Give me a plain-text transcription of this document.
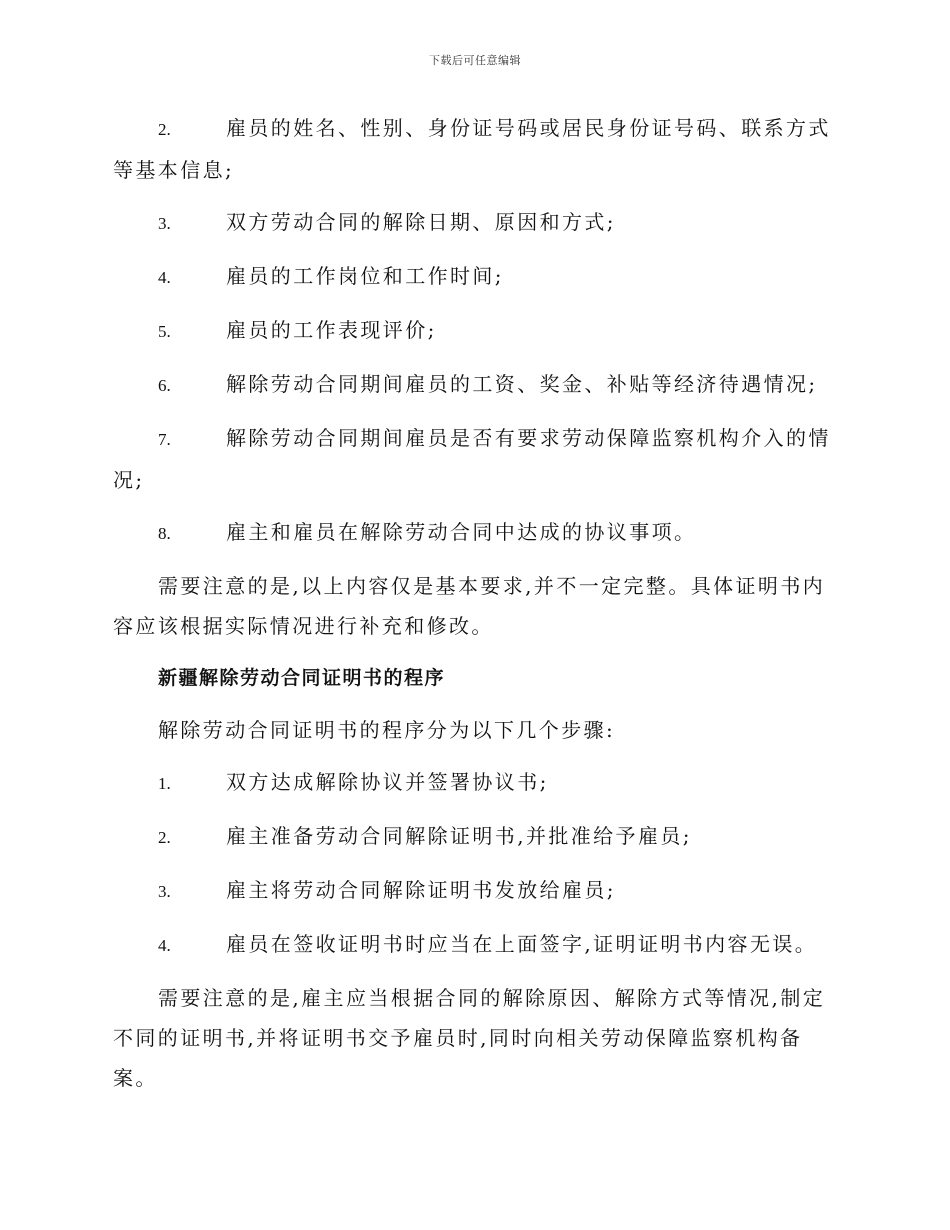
下载后可任意编辑

2.	雇员的姓名、性别、身份证号码或居民身份证号码、联系方式等基本信息;

3.	双方劳动合同的解除日期、原因和方式;

4.	雇员的工作岗位和工作时间;

5.	雇员的工作表现评价;

6.	解除劳动合同期间雇员的工资、奖金、补贴等经济待遇情况;

7.	解除劳动合同期间雇员是否有要求劳动保障监察机构介入的情况;

8.	雇主和雇员在解除劳动合同中达成的协议事项。

需要注意的是,以上内容仅是基本要求,并不一定完整。具体证明书内容应该根据实际情况进行补充和修改。

新疆解除劳动合同证明书的程序

解除劳动合同证明书的程序分为以下几个步骤:

1.	双方达成解除协议并签署协议书;

2.	雇主准备劳动合同解除证明书,并批准给予雇员;

3.	雇主将劳动合同解除证明书发放给雇员;

4.	雇员在签收证明书时应当在上面签字,证明证明书内容无误。

需要注意的是,雇主应当根据合同的解除原因、解除方式等情况,制定不同的证明书,并将证明书交予雇员时,同时向相关劳动保障监察机构备案。
